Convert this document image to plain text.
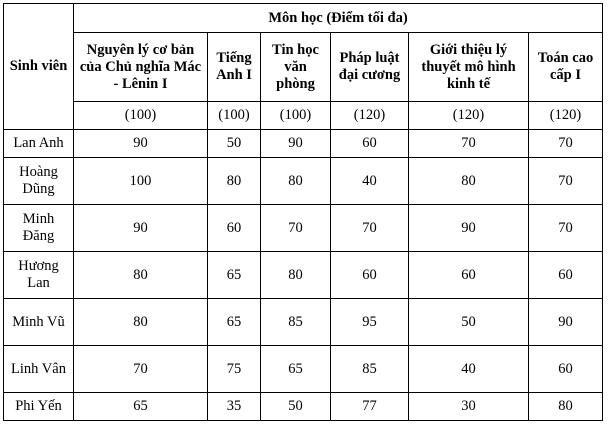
Sinh viên	Môn học (Điểm tối đa)					
	Nguyên lý cơ bản của Chủ nghĩa Mác - Lênin I	Tiếng Anh I	Tin học văn phòng	Pháp luật đại cương	Giới thiệu lý thuyết mô hình kinh tế	Toán cao cấp I
	(100)	(100)	(100)	(120)	(120)	(120)
Lan Anh	90	50	90	60	70	70
Hoàng Dũng	100	80	80	40	80	70
Minh Đăng	90	60	70	70	90	70
Hương Lan	80	65	80	60	60	60
Minh Vũ	80	65	85	95	50	90
Linh Vân	70	75	65	85	40	60
Phi Yến	65	35	50	77	30	80
